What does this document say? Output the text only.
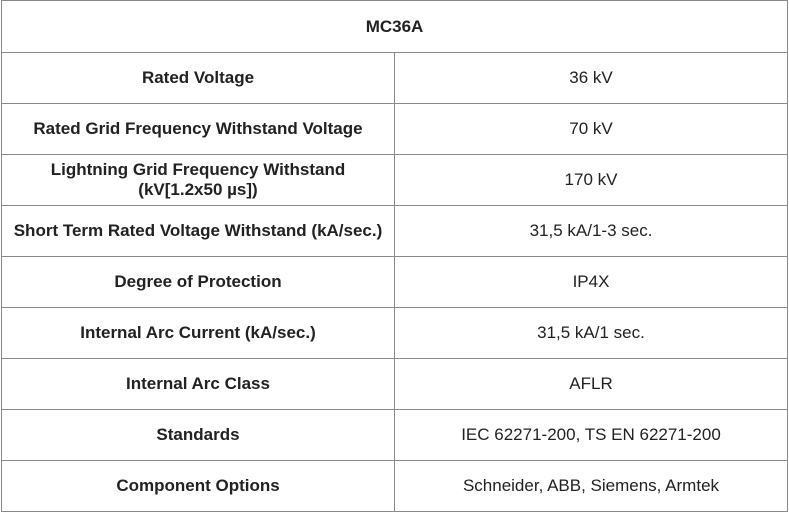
MC36A	
Rated Voltage	36 kV
Rated Grid Frequency Withstand Voltage	70 kV
Lightning Grid Frequency Withstand (kV[1.2x50 µs])	170 kV
Short Term Rated Voltage Withstand (kA/sec.)	31,5 kA/1-3 sec.
Degree of Protection	IP4X
Internal Arc Current (kA/sec.)	31,5 kA/1 sec.
Internal Arc Class	AFLR
Standards	IEC 62271-200, TS EN 62271-200
Component Options	Schneider, ABB, Siemens, Armtek
